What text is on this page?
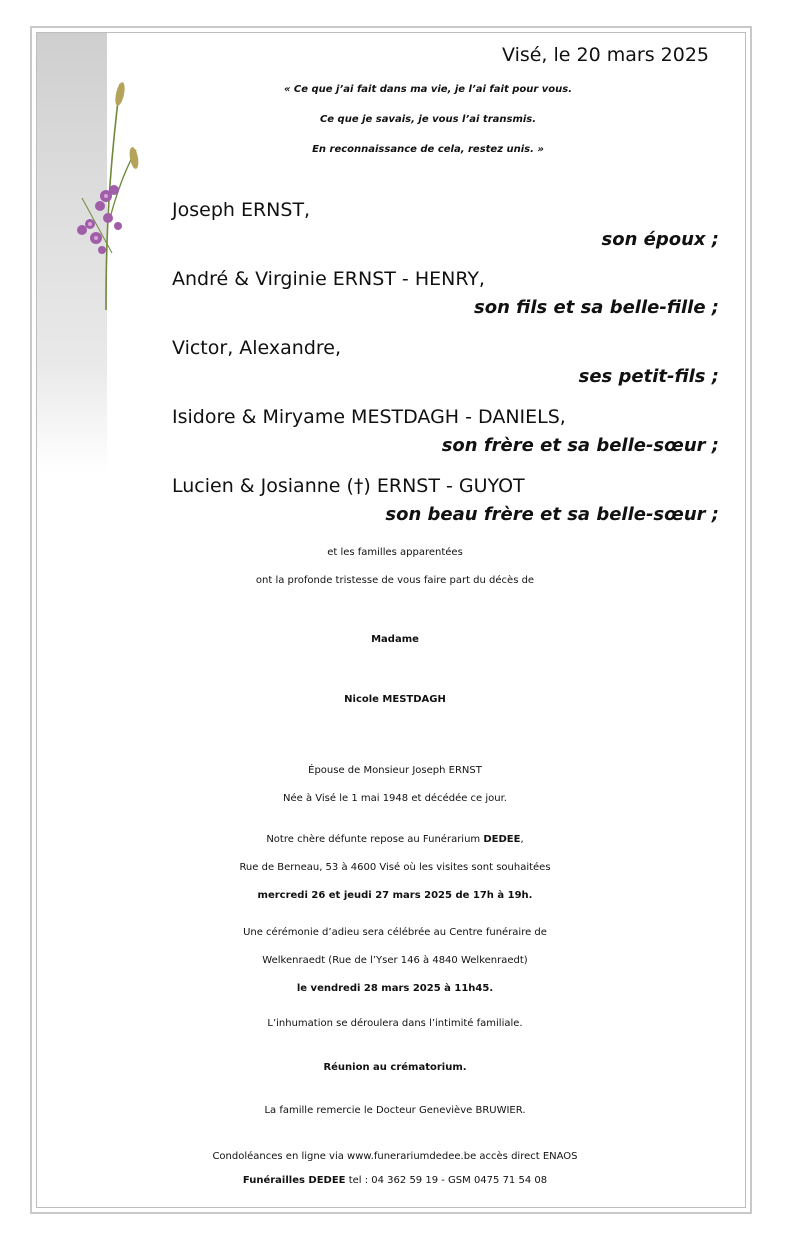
Visé, le 20 mars 2025
« Ce que j’ai fait dans ma vie, je l’ai fait pour vous.
Ce que je savais, je vous l’ai transmis.
En reconnaissance de cela, restez unis. »
Joseph ERNST,
son époux ;
André & Virginie ERNST - HENRY,
son fils et sa belle-fille ;
Victor, Alexandre,
ses petit-fils ;
Isidore & Miryame MESTDAGH - DANIELS,
son frère et sa belle-sœur ;
Lucien & Josianne (†) ERNST - GUYOT
son beau frère et sa belle-sœur ;
et les familles apparentées
ont la profonde tristesse de vous faire part du décès de
Madame
Nicole MESTDAGH
Épouse de Monsieur Joseph ERNST
Née à Visé le 1 mai 1948 et décédée ce jour.
Notre chère défunte repose au Funérarium DEDEE,
Rue de Berneau, 53 à 4600 Visé où les visites sont souhaitées
mercredi 26 et jeudi 27 mars 2025 de 17h à 19h.
Une cérémonie d’adieu sera célébrée au Centre funéraire de
Welkenraedt (Rue de l’Yser 146 à 4840 Welkenraedt)
le vendredi 28 mars 2025 à 11h45.
L’inhumation se déroulera dans l’intimité familiale.
Réunion au crématorium.
La famille remercie le Docteur Geneviève BRUWIER.
Condoléances en ligne via www.funerariumdedee.be accès direct ENAOS
Funérailles DEDEE tel : 04 362 59 19 - GSM 0475 71 54 08
